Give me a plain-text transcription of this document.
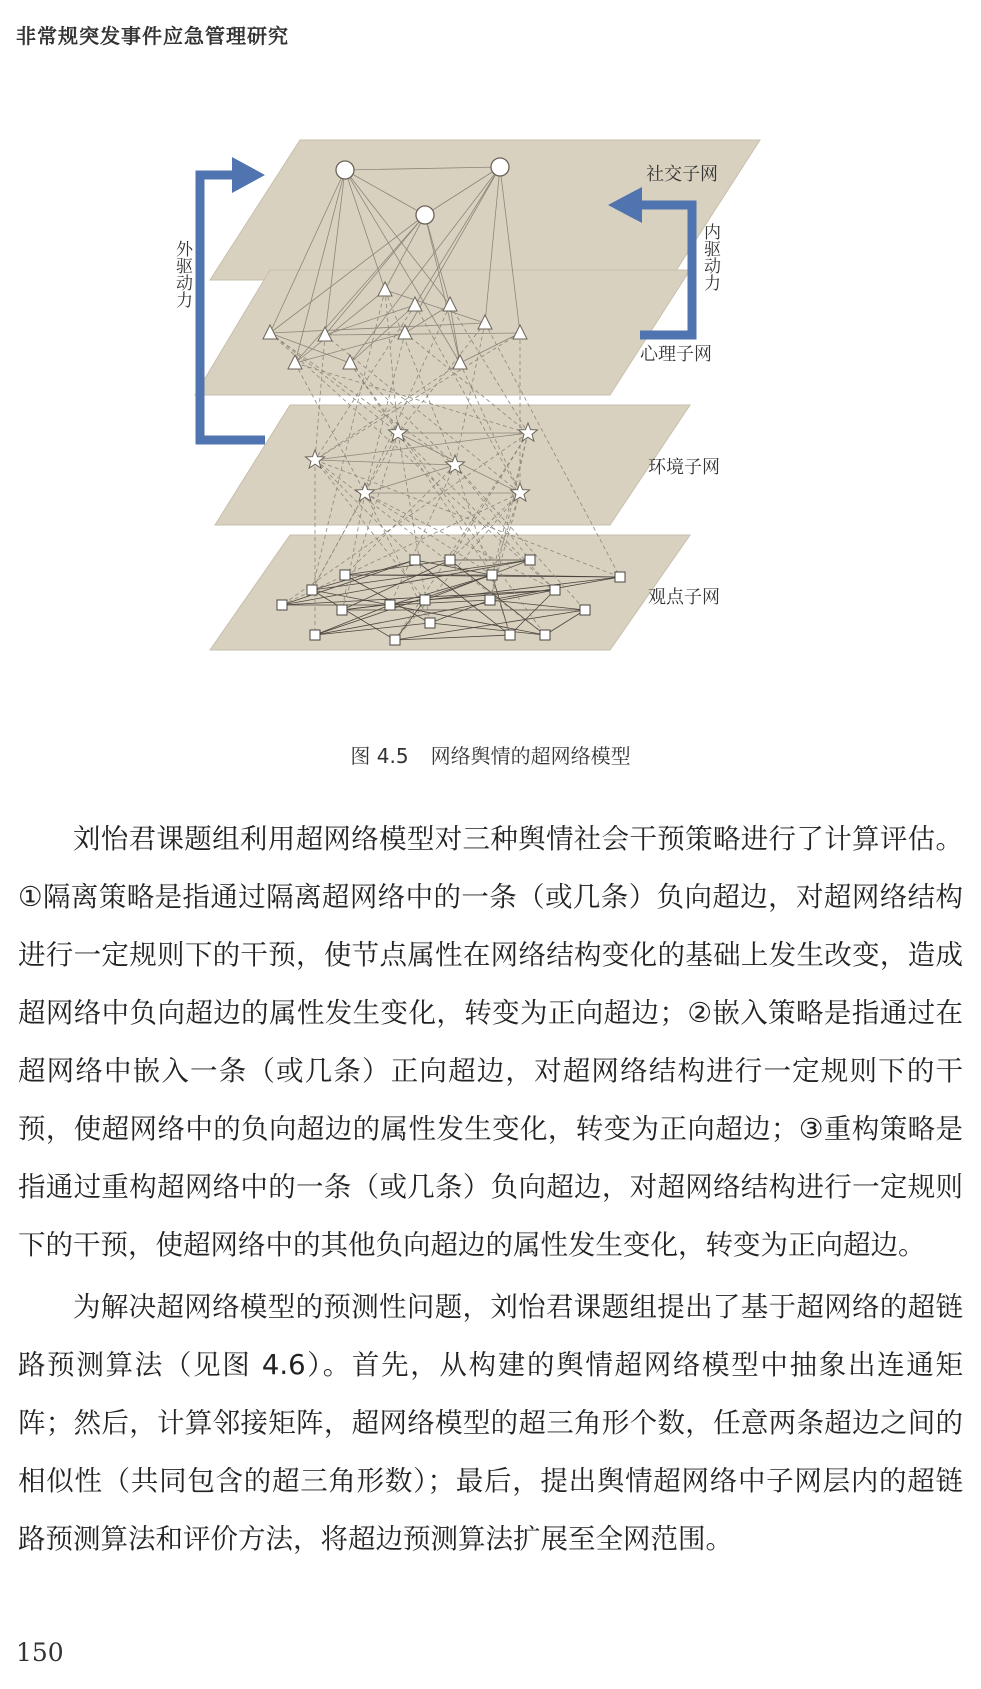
非常规突发事件应急管理研究
外驱动力	内驱动力
社交子网
心理子网
环境子网
观点子网
图 4.5 网络舆情的超网络模型

刘怡君课题组利用超网络模型对三种舆情社会干预策略进行了计算评估。①隔离策略是指通过隔离超网络中的一条（或几条）负向超边，对超网络结构进行一定规则下的干预，使节点属性在网络结构变化的基础上发生改变，造成超网络中负向超边的属性发生变化，转变为正向超边；②嵌入策略是指通过在超网络中嵌入一条（或几条）正向超边，对超网络结构进行一定规则下的干预，使超网络中的负向超边的属性发生变化，转变为正向超边；③重构策略是指通过重构超网络中的一条（或几条）负向超边，对超网络结构进行一定规则下的干预，使超网络中的其他负向超边的属性发生变化，转变为正向超边。

为解决超网络模型的预测性问题，刘怡君课题组提出了基于超网络的超链路预测算法（见图 4.6）。首先，从构建的舆情超网络模型中抽象出连通矩阵；然后，计算邻接矩阵，超网络模型的超三角形个数，任意两条超边之间的相似性（共同包含的超三角形数）；最后，提出舆情超网络中子网层内的超链路预测算法和评价方法，将超边预测算法扩展至全网范围。

150
